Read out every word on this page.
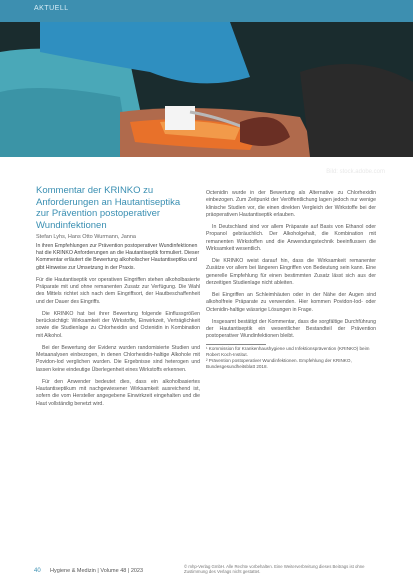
AKTUELL
Bild: stock.adobe.com
Kommentar der KRINKO zu
Anforderungen an Hautantiseptika
zur Prävention postoperativer
Wundinfektionen
Stefan Lyhs, Hans Otto Wurmann, Janna
In ihren Empfehlungen zur Prävention postoperativer Wundinfektionen hat die KRINKO Anforderungen an die Hautantiseptik formuliert. Dieser Kommentar erläutert die Bewertung alkoholischer Hautantiseptika und gibt Hinweise zur Umsetzung in der Praxis.

Für die Hautantiseptik vor operativen Eingriffen stehen alkoholbasierte Präparate mit und ohne remanenten Zusatz zur Verfügung. Die Wahl des Mittels richtet sich nach dem Eingriffsort, der Hautbeschaffenheit und der Dauer des Eingriffs.

Die KRINKO hat bei ihrer Bewertung folgende Einflussgrößen berücksichtigt: Wirksamkeit der Wirkstoffe, Einwirkzeit, Verträglichkeit sowie die Studienlage zu Chlorhexidin und Octenidin in Kombination mit Alkohol.

Bei der Bewertung der Evidenz wurden randomisierte Studien und Metaanalysen einbezogen, in denen Chlorhexidin-haltige Alkohole mit Povidon-Iod verglichen wurden. Die Ergebnisse sind heterogen und lassen keine eindeutige Überlegenheit eines Wirkstoffs erkennen.

Für den Anwender bedeutet dies, dass ein alkoholbasiertes Hautantiseptikum mit nachgewiesener Wirksamkeit ausreichend ist, sofern die vom Hersteller angegebene Einwirkzeit eingehalten und die Haut vollständig benetzt wird.

Octenidin wurde in der Bewertung als Alternative zu Chlorhexidin einbezogen. Zum Zeitpunkt der Veröffentlichung lagen jedoch nur wenige klinische Studien vor, die einen direkten Vergleich der Wirkstoffe bei der präoperativen Hautantiseptik erlauben.

In Deutschland sind vor allem Präparate auf Basis von Ethanol oder Propanol gebräuchlich. Der Alkoholgehalt, die Kombination mit remanenten Wirkstoffen und die Anwendungstechnik beeinflussen die Wirksamkeit wesentlich.

Die KRINKO weist darauf hin, dass die Wirksamkeit remanenter Zusätze vor allem bei längeren Eingriffen von Bedeutung sein kann. Eine generelle Empfehlung für einen bestimmten Zusatz lässt sich aus der derzeitigen Studienlage nicht ableiten.

Bei Eingriffen an Schleimhäuten oder in der Nähe der Augen sind alkoholfreie Präparate zu verwenden. Hier kommen Povidon-Iod- oder Octenidin-haltige wässrige Lösungen in Frage.

Insgesamt bestätigt der Kommentar, dass die sorgfältige Durchführung der Hautantiseptik ein wesentlicher Bestandteil der Prävention postoperativer Wundinfektionen bleibt.

¹ Kommission für Krankenhaushygiene und Infektionsprävention (KRINKO) beim Robert Koch-Institut.
² Prävention postoperativer Wundinfektionen. Empfehlung der KRINKO, Bundesgesundheitsblatt 2018.
40 Hygiene & Medizin | Volume 48 | 2023
© mhp-Verlag GmbH. Alle Rechte vorbehalten. Eine Weiterverbreitung dieses Beitrags ist ohne Zustimmung des Verlags nicht gestattet.
